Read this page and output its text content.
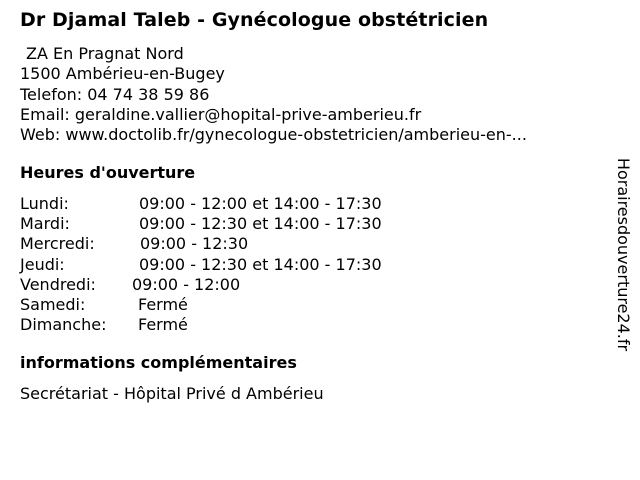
Dr Djamal Taleb - Gynécologue obstétricien
ZA En Pragnat Nord
1500 Ambérieu-en-Bugey
Telefon: 04 74 38 59 86
Email: geraldine.vallier@hopital-prive-amberieu.fr
Web: www.doctolib.fr/gynecologue-obstetricien/amberieu-en-...
Heures d'ouverture
Lundi:	09:00 - 12:00 et 14:00 - 17:30
Mardi:	09:00 - 12:30 et 14:00 - 17:30
Mercredi:	09:00 - 12:30
Jeudi:	09:00 - 12:30 et 14:00 - 17:30
Vendredi: 09:00 - 12:00
Samedi:	Fermé
Dimanche: Fermé
informations complémentaires
Secrétariat - Hôpital Privé d Ambérieu
Horairesdouverture24.fr
